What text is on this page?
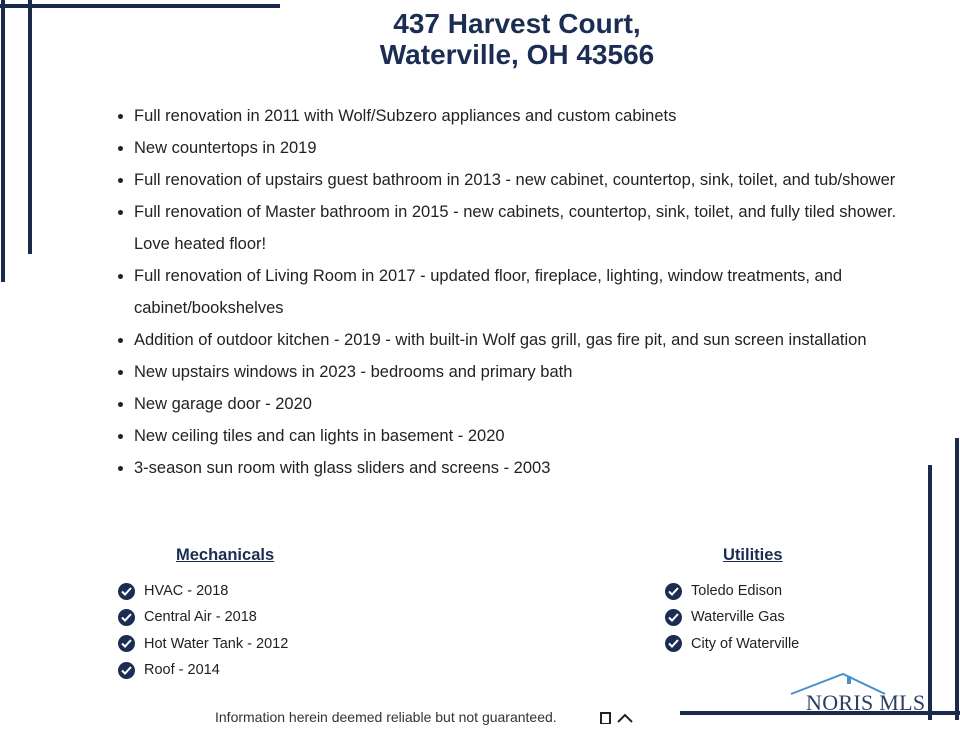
437 Harvest Court,
Waterville, OH 43566
Full renovation in 2011 with Wolf/Subzero appliances and custom cabinets
New countertops in 2019
Full renovation of upstairs guest bathroom in 2013 - new cabinet, countertop, sink, toilet, and tub/shower
Full renovation of Master bathroom in 2015 - new cabinets, countertop, sink, toilet, and fully tiled shower. Love heated floor!
Full renovation of Living Room in 2017 - updated floor, fireplace, lighting, window treatments, and cabinet/bookshelves
Addition of outdoor kitchen - 2019 - with built-in Wolf gas grill, gas fire pit, and sun screen installation
New upstairs windows in 2023 - bedrooms and primary bath
New garage door - 2020
New ceiling tiles and can lights in basement - 2020
3-season sun room with glass sliders and screens - 2003
Mechanicals
HVAC - 2018
Central Air - 2018
Hot Water Tank - 2012
Roof - 2014
Utilities
Toledo Edison
Waterville Gas
City of Waterville
Information herein deemed reliable but not guaranteed.
NORIS MLS
